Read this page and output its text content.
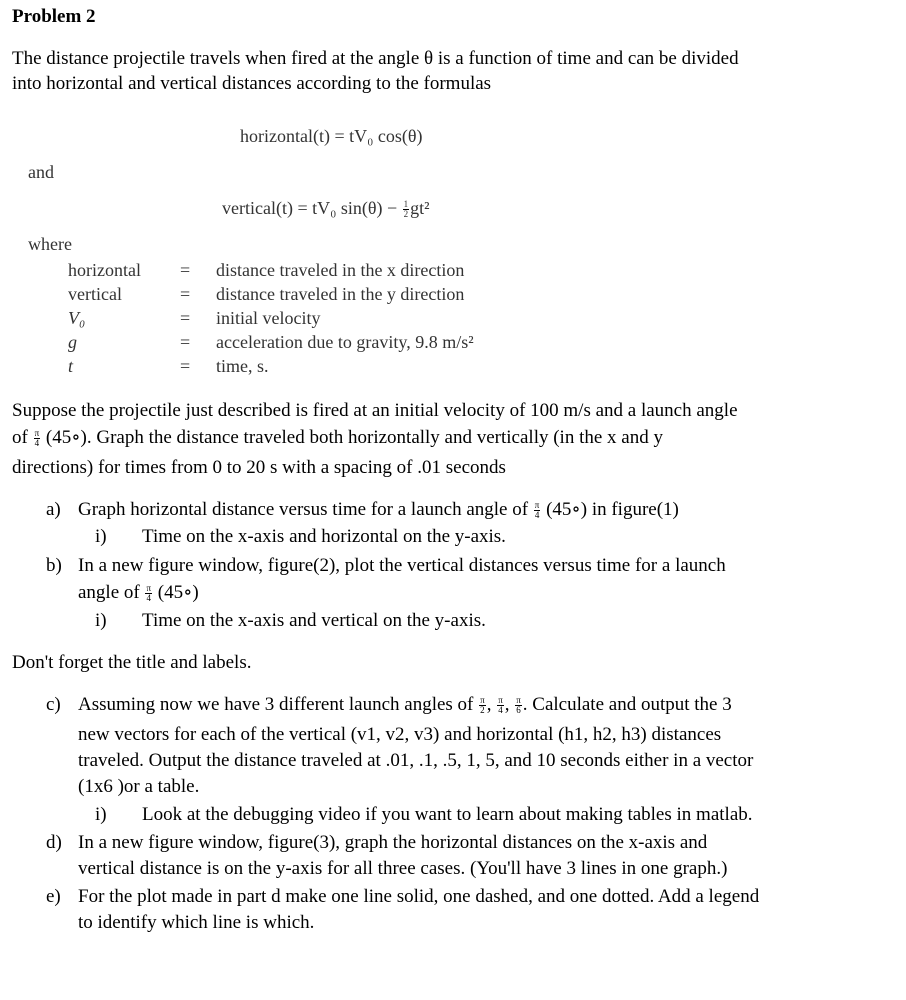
Problem 2
The distance projectile travels when fired at the angle θ is a function of time and can be divided
into horizontal and vertical distances according to the formulas
horizontal(t) = tV₀ cos(θ)
and
vertical(t) = tV₀ $\sin(\theta) - \frac{1}{2} gt^2$
where
horizontal
vertical
V₀
g
t
=
=
=
=
=
distance traveled in the x direction
distance traveled in the y direction
initial velocity
acceleration due to gravity, 9.8 m/s²
time, s.
Suppose the projectile just described is fired at an initial velocity of 100 m/s and a launch angle
of $\frac{\pi}{4}$ (45∘). Graph the distance traveled both horizontally and vertically (in the x and y
directions) for times from 0 to 20 s with a spacing of .01 seconds
a) Graph horizontal distance versus time for a launch angle of $\frac{\pi}{4}$ (45∘) in figure(1)
i) Time on the x-axis and horizontal on the y-axis.
b) In a new figure window, figure(2), plot the vertical distances versus time for a launch
angle of $\frac{\pi}{4}$ (45∘)
i) Time on the x-axis and vertical on the y-axis.
Don't forget the title and labels.
c) Assuming now we have 3 different launch angles of $\frac{\pi}{2}$ , $\frac{\pi}{4}$ , $\frac{\pi}{6}$ . Calculate and output the 3
new vectors for each of the vertical (v1, v2, v3) and horizontal (h1, h2, h3) distances
traveled. Output the distance traveled at .01, .1, .5, 1, 5, and 10 seconds either in a vector
(1x6 )or a table.
i) Look at the debugging video if you want to learn about making tables in matlab.
d) In a new figure window, figure(3), graph the horizontal distances on the x-axis and
vertical distance is on the y-axis for all three cases. (You'll have 3 lines in one graph.)
e) For the plot made in part d make one line solid, one dashed, and one dotted. Add a legend
to identify which line is which.
